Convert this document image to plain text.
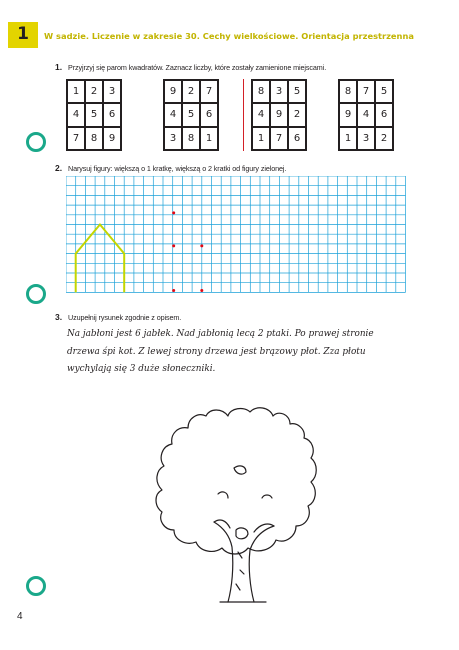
1	W sadzie. Liczenie w zakresie 30. Cechy wielkościowe. Orientacja przestrzenna
1. Przyjrzyj się parom kwadratów. Zaznacz liczby, które zostały zamienione miejscami.
1	2	3
4	5	6
7	8	9
9	2	7
4	5	6
3	8	1
8	3	5
4	9	2
1	7	6
8	7	5
9	4	6
1	3	2
2. Narysuj figury: większą o 1 kratkę, większą o 2 kratki od figury zielonej.
3. Uzupełnij rysunek zgodnie z opisem.
Na jabłoni jest 6 jabłek. Nad jabłonią lecą 2 ptaki. Po prawej stronie
drzewa śpi kot. Z lewej strony drzewa jest brązowy płot. Zza płotu
wychylają się 3 duże słoneczniki.
4
